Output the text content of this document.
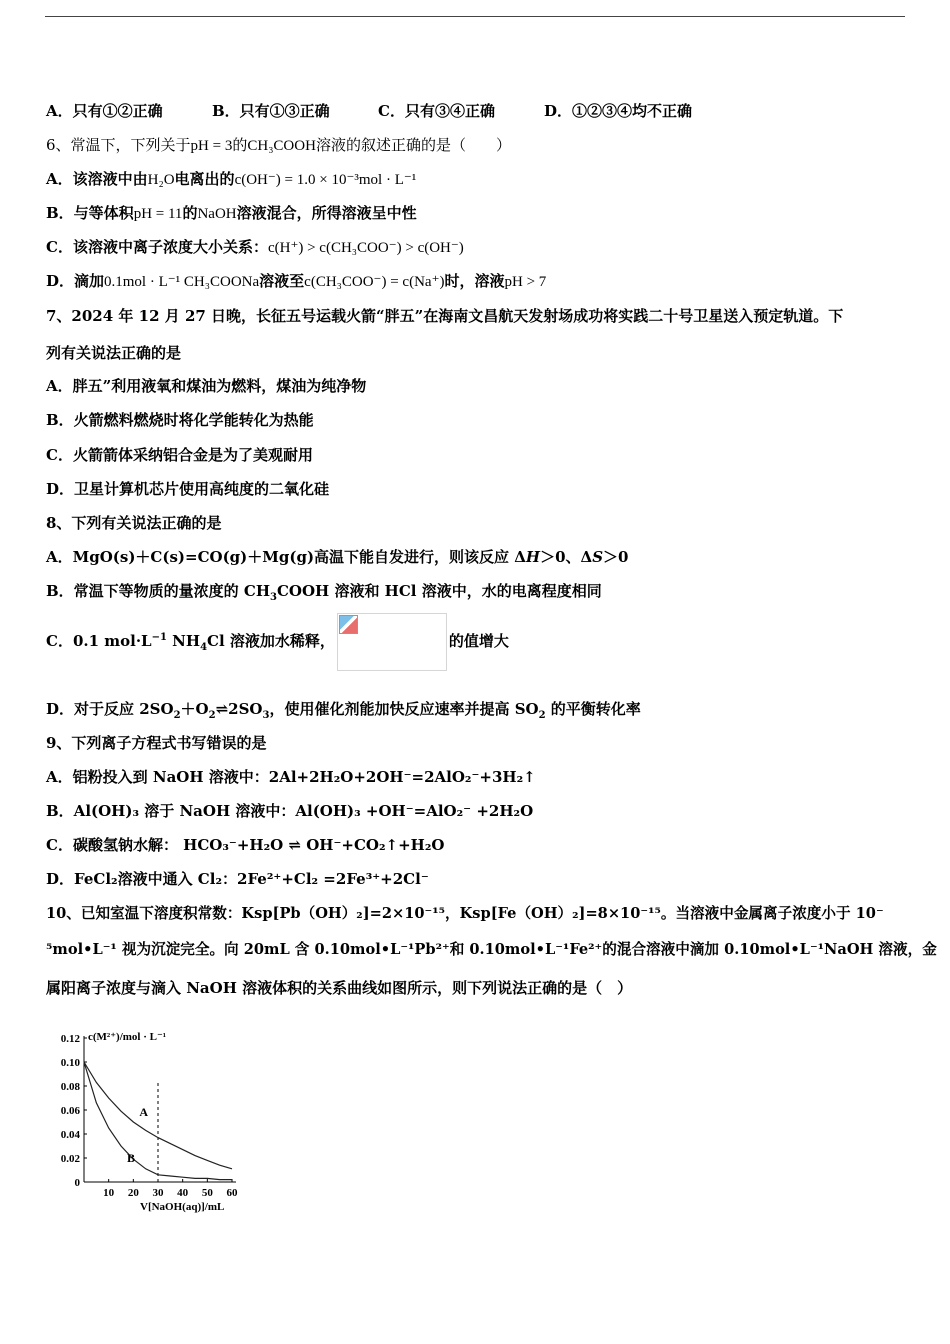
A．只有①②正确	B．只有①③正确	C．只有③④正确	D．①②③④均不正确
6、常温下，下列关于pH = 3的CH₃COOH溶液的叙述正确的是（　　）
A．该溶液中由H₂O电离出的c(OH⁻) = 1.0 × 10⁻³mol · L⁻¹
B．与等体积pH = 11的NaOH溶液混合，所得溶液呈中性
C．该溶液中离子浓度大小关系：c(H⁺) > c(CH₃COO⁻) > c(OH⁻)
D．滴加0.1mol · L⁻¹ CH₃COONa溶液至c(CH₃COO⁻) = c(Na⁺)时，溶液pH > 7
7、2024 年 12 月 27 日晚，长征五号运载火箭“胖五”在海南文昌航天发射场成功将实践二十号卫星送入预定轨道。下
列有关说法正确的是
A．胖五”利用液氧和煤油为燃料，煤油为纯净物
B．火箭燃料燃烧时将化学能转化为热能
C．火箭箭体采纳铝合金是为了美观耐用
D．卫星计算机芯片使用高纯度的二氧化硅
8、下列有关说法正确的是
A．MgO(s)＋C(s)=CO(g)＋Mg(g)高温下能自发进行，则该反应 ΔH＞0、ΔS＞0
B．常温下等物质的量浓度的 $CH_3COOH$ 溶液和 HCl 溶液中，水的电离程度相同
C．0.1 $mol\cdot L^{-1}$ $NH_4Cl$ 溶液加水稀释，	的值增大
D．对于反应 $2SO_2+O_2\rightleftharpoons 2SO_3$，使用催化剂能加快反应速率并提高 $SO_2$ 的平衡转化率
9、下列离子方程式书写错误的是
A．铝粉投入到 NaOH 溶液中：2Al+2H₂O+2OH⁻=2AlO₂⁻+3H₂↑
B．Al(OH)₃ 溶于 NaOH 溶液中：Al(OH)₃ +OH⁻=AlO₂⁻ +2H₂O
C．碳酸氢钠水解： HCO₃⁻+H₂O ⇌ OH⁻+CO₂↑+H₂O
D．FeCl₂溶液中通入 Cl₂：2Fe²⁺+Cl₂ =2Fe³⁺+2Cl⁻
10、已知室温下溶度积常数：Ksp[Pb（OH）₂]=2×10⁻¹⁵，Ksp[Fe（OH）₂]=8×10⁻¹⁵。当溶液中金属离子浓度小于 10⁻
⁵mol•L⁻¹ 视为沉淀完全。向 20mL 含 0.10mol•L⁻¹Pb²⁺和 0.10mol•L⁻¹Fe²⁺的混合溶液中滴加 0.10mol•L⁻¹NaOH 溶液，金
属阳离子浓度与滴入 NaOH 溶液体积的关系曲线如图所示，则下列说法正确的是（　）
0
0.02
0.04
0.06
0.08
0.10
0.12
10 20 30 40 50 60
A
B
c(M²⁺)/mol · L⁻¹
V[NaOH(aq)]/mL
